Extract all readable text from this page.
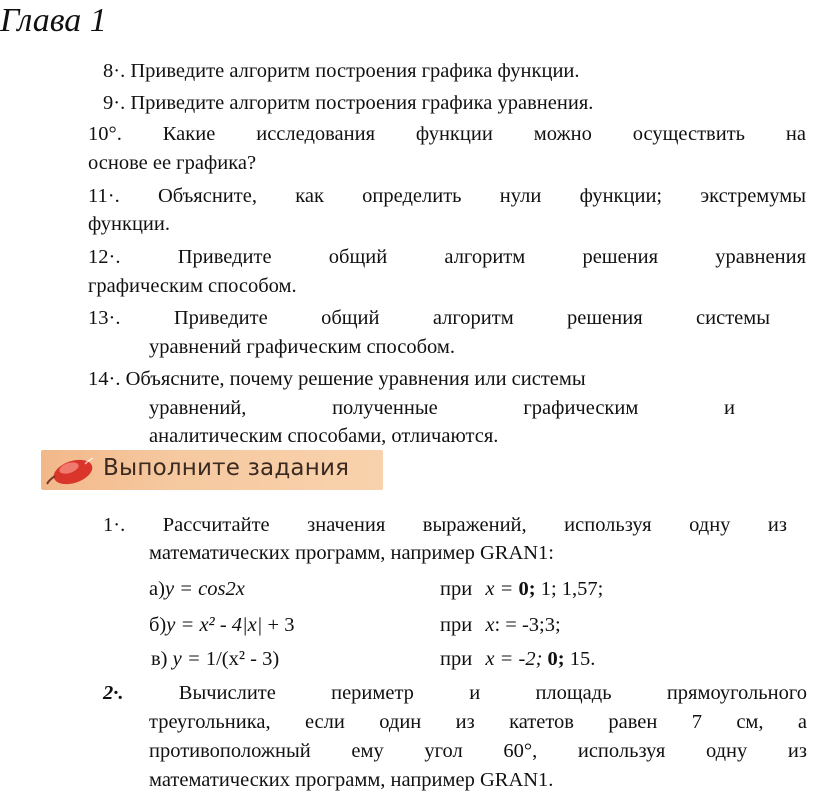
Глава 1
8·. Приведите алгоритм построения графика функции.
9·. Приведите алгоритм построения графика уравнения.
10°. Какие исследования функции можно осуществить на
основе ее графика?
11·. Объясните, как определить нули функции; экстремумы
функции.
12·.	Приведите общий алгоритм решения уравнения
графическим способом.
13·.	Приведите общий алгоритм решения системы
уравнений графическим способом.
14·. Объясните, почему решение уравнения или системы
уравнений, полученные графическим и
аналитическим способами, отличаются.
Выполните задания
1·. Рассчитайте значения выражений, используя одну из
математических программ, например GRAN1:
а)y = cos2x	при x = 0; 1; 1,57;
б)y = x² - 4|x| + 3	при x: = -3;3;
в) y = 1/(x² - 3)	при x = -2; 0; 15.
2·.	Вычислите периметр и площадь прямоугольного
треугольника, если один из катетов равен 7 см, а
противоположный ему угол 60°, используя одну из
математических программ, например GRAN1.
